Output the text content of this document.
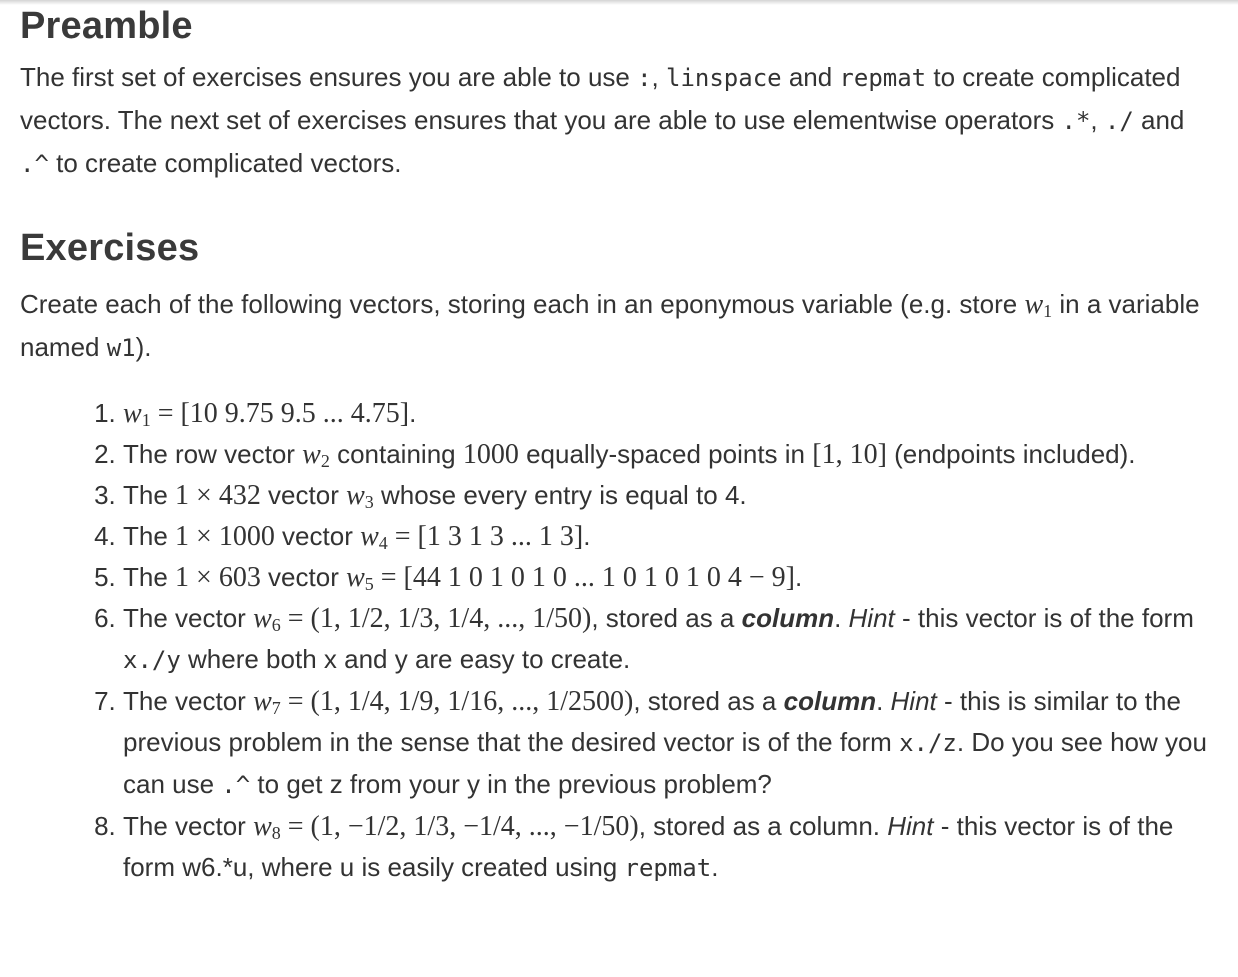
Preamble

The first set of exercises ensures you are able to use :, linspace and repmat to create complicated vectors. The next set of exercises ensures that you are able to use elementwise operators .*, ./ and .^ to create complicated vectors.

Exercises

Create each of the following vectors, storing each in an eponymous variable (e.g. store $w_1$ in a variable named w1).

1. $w_1 = [10$ 9.75 9.5 ... 4.75].
2. The row vector $w_2$ containing 1000 equally-spaced points in [1, 10] (endpoints included).
3. The 1 × 432 vector $w_3$ whose every entry is equal to 4.
4. The 1 × 1000 vector $w_4 = [1$ 3 1 3 ... 1 3].
5. The 1 × 603 vector $w_5 = [44$ 1 0 1 0 1 0 ... 1 0 1 0 1 0 4 − 9].
6. The vector $w_6 = (1$, 1/2, 1/3, 1/4, ..., 1/50), stored as a column. Hint - this vector is of the form x./y where both x and y are easy to create.
7. The vector $w_7 = (1$, 1/4, 1/9, 1/16, ..., 1/2500), stored as a column. Hint - this is similar to the previous problem in the sense that the desired vector is of the form x./z. Do you see how you can use .^ to get z from your y in the previous problem?
8. The vector $w_8 = (1$, −1/2, 1/3, −1/4, ..., −1/50), stored as a column. Hint - this vector is of the form w6.*u, where u is easily created using repmat.
